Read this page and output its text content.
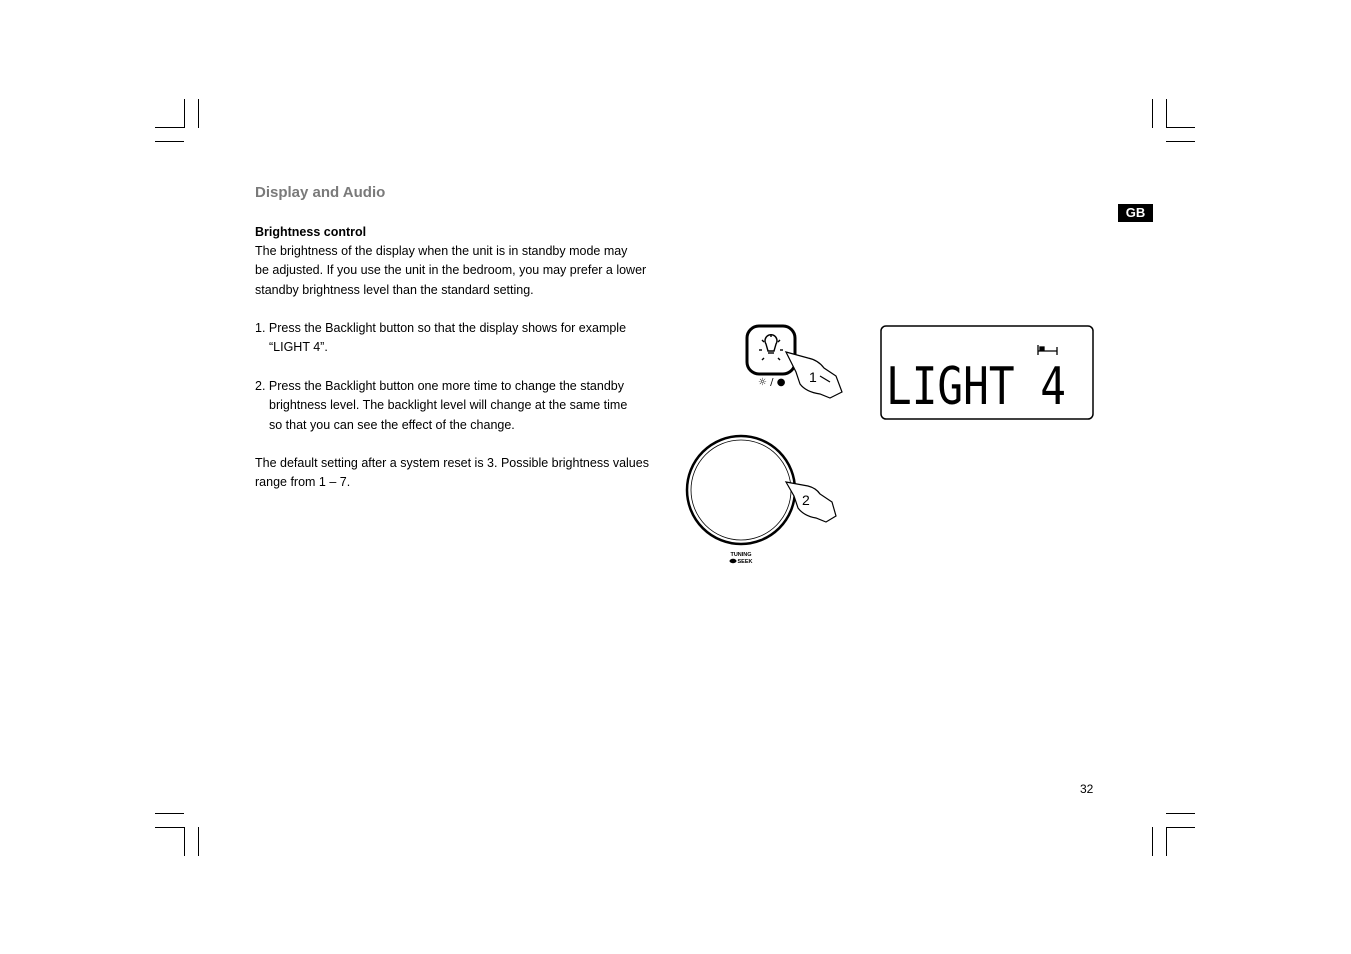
Display and Audio
GB

Brightness control

The brightness of the display when the unit is in standby mode may
be adjusted. If you use the unit in the bedroom, you may prefer a lower
standby brightness level than the standard setting.

1. Press the Backlight button so that the display shows for example

“LIGHT 4”.

2. Press the Backlight button one more time to change the standby

brightness level. The backlight level will change at the same time
so that you can see the effect of the change.

The default setting after a system reset is 3. Possible brightness values
range from 1 – 7.

☼ / ● 1 LIGHT 4
2
TUNING
SEEK
32
